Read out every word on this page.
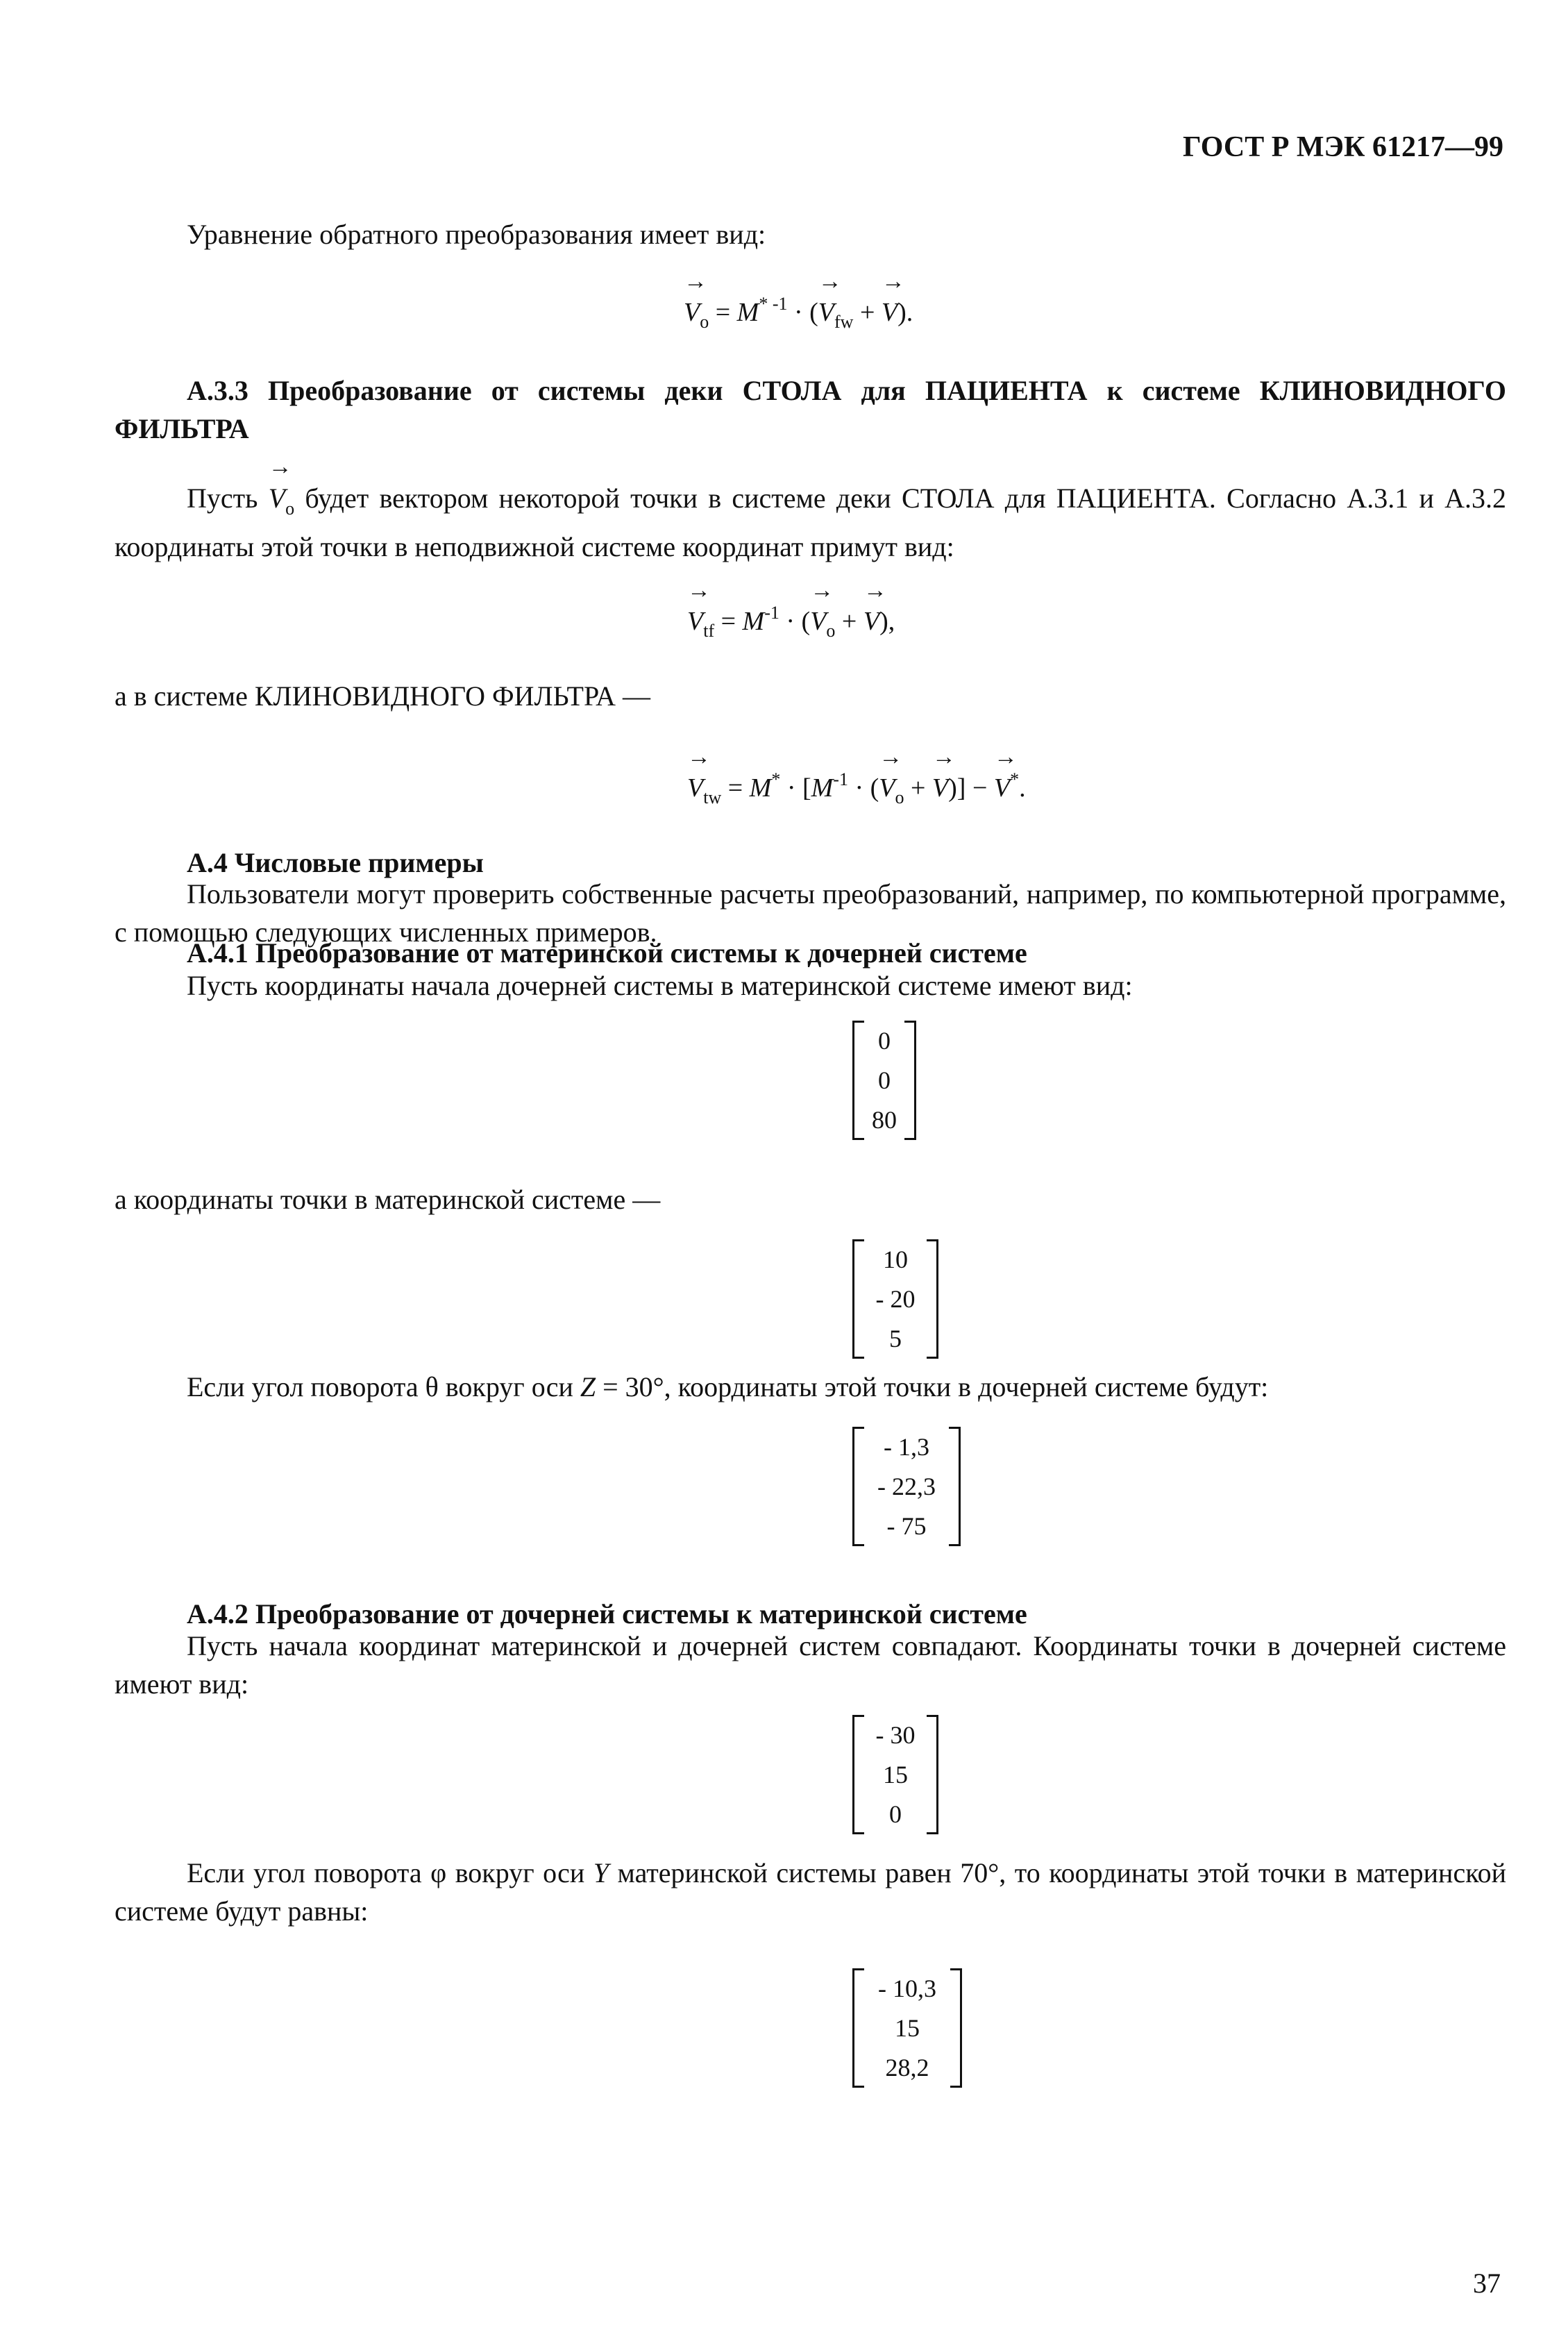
ГОСТ Р МЭК 61217—99
Уравнение обратного преобразования имеет вид:
→
$V_o = M^{* -1}$ · (
→
$V_{fw}$ +
→
V).
А.3.3 Преобразование от системы деки СТОЛА для ПАЦИЕНТА к системе КЛИНОВИДНОГО ФИЛЬТРА
Пусть
→
$V_o$ будет вектором некоторой точки в системе деки СТОЛА для ПАЦИЕНТА. Согласно А.3.1 и А.3.2 координаты этой точки в неподвижной системе координат примут вид:
→
$V_{tf} = M^{-1}$ · (
→
$V_o$ +
→
V),
а в системе КЛИНОВИДНОГО ФИЛЬТРА —
→
$V_{tw} = M^* \cdot [M^{-1}$ · (
→
$V_o$ +
→
V)] −
→
V*.
А.4 Числовые примеры
Пользователи могут проверить собственные расчеты преобразований, например, по компьютерной программе, с помощью следующих численных примеров.
А.4.1 Преобразование от материнской системы к дочерней системе
Пусть координаты начала дочерней системы в материнской системе имеют вид:
0
0
80
а координаты точки в материнской системе —
10
- 20
5
Если угол поворота θ вокруг оси Z = 30°, координаты этой точки в дочерней системе будут:
- 1,3
- 22,3
- 75
А.4.2 Преобразование от дочерней системы к материнской системе
Пусть начала координат материнской и дочерней систем совпадают. Координаты точки в дочерней системе имеют вид:
- 30
15
0
Если угол поворота φ вокруг оси Y материнской системы равен 70°, то координаты этой точки в материнской системе будут равны:
- 10,3
15
28,2
37
